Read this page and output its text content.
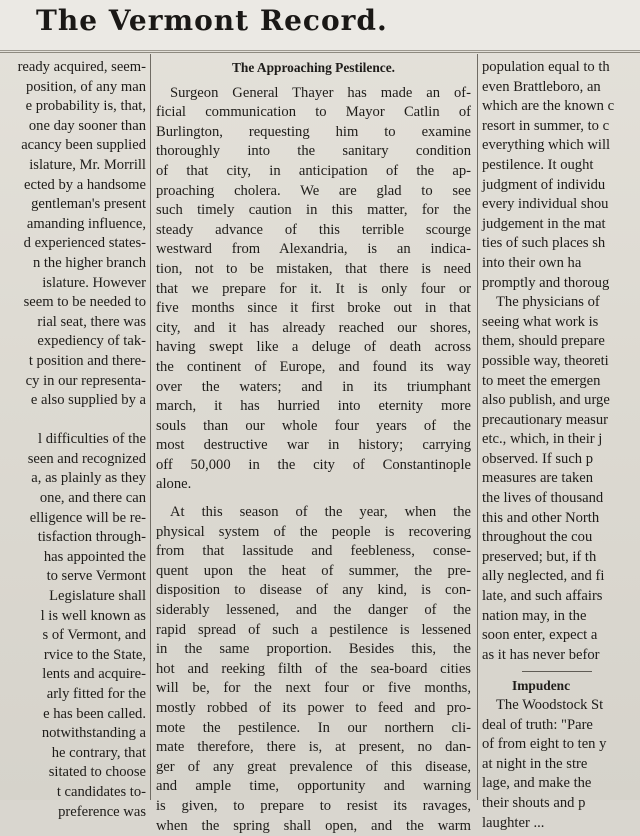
The Vermont Record.
ready acquired, seem-
position, of any man
e probability is, that,
one day sooner than
acancy been supplied
islature, Mr. Morrill
ected by a handsome
gentleman's present
amanding influence,
d experienced states-
n the higher branch
islature. However
seem to be needed to
rial seat, there was
expediency of tak-
t position and there-
cy in our representa-
e also supplied by a
l difficulties of the
seen and recognized
a, as plainly as they
one, and there can
elligence will be re-
tisfaction through-
has appointed the
to serve Vermont
Legislature shall
l is well known as
s of Vermont, and
rvice to the State,
lents and acquire-
arly fitted for the
e has been called.
notwithstanding a
he contrary, that
sitated to choose
t candidates to-
preference was
The Approaching Pestilence.
Surgeon General Thayer has made an of-
ficial communication to Mayor Catlin of
Burlington, requesting him to examine
thoroughly into the sanitary condition
of that city, in anticipation of the ap-
proaching cholera. We are glad to see
such timely caution in this matter, for the
steady advance of this terrible scourge
westward from Alexandria, is an indica-
tion, not to be mistaken, that there is need
that we prepare for it. It is only four or
five months since it first broke out in that
city, and it has already reached our shores,
having swept like a deluge of death across
the continent of Europe, and found its way
over the waters; and in its triumphant
march, it has hurried into eternity more
souls than our whole four years of the
most destructive war in history; carrying
off 50,000 in the city of Constantinople
alone.
At this season of the year, when the
physical system of the people is recovering
from that lassitude and feebleness, conse-
quent upon the heat of summer, the pre-
disposition to disease of any kind, is con-
siderably lessened, and the danger of the
rapid spread of such a pestilence is lessened
in the same proportion. Besides this, the
hot and reeking filth of the sea-board cities
will be, for the next four or five months,
mostly robbed of its power to feed and pro-
mote the pestilence. In our northern cli-
mate therefore, there is, at present, no dan-
ger of any great prevalence of this disease,
and ample time, opportunity and warning
is given, to prepare to resist its ravages,
when the spring shall open, and the warm
population equal to th
even Brattleboro, an
which are the known c
resort in summer, to c
everything which will
pestilence. It ought
judgment of individu
every individual shou
judgement in the mat
ties of such places sh
into their own ha
promptly and thoroug
The physicians of
seeing what work is
them, should prepare
possible way, theoreti
to meet the emergen
also publish, and urge
precautionary measur
etc., which, in their j
observed. If such p
measures are taken
the lives of thousand
this and other North
throughout the cou
preserved; but, if th
ally neglected, and fi
late, and such affairs
nation may, in the
soon enter, expect a
as it has never befor
Impudenc
The Woodstock St
deal of truth: "Pare
of from eight to ten y
at night in the stre
lage, and make the
their shouts and p
laughter ...
